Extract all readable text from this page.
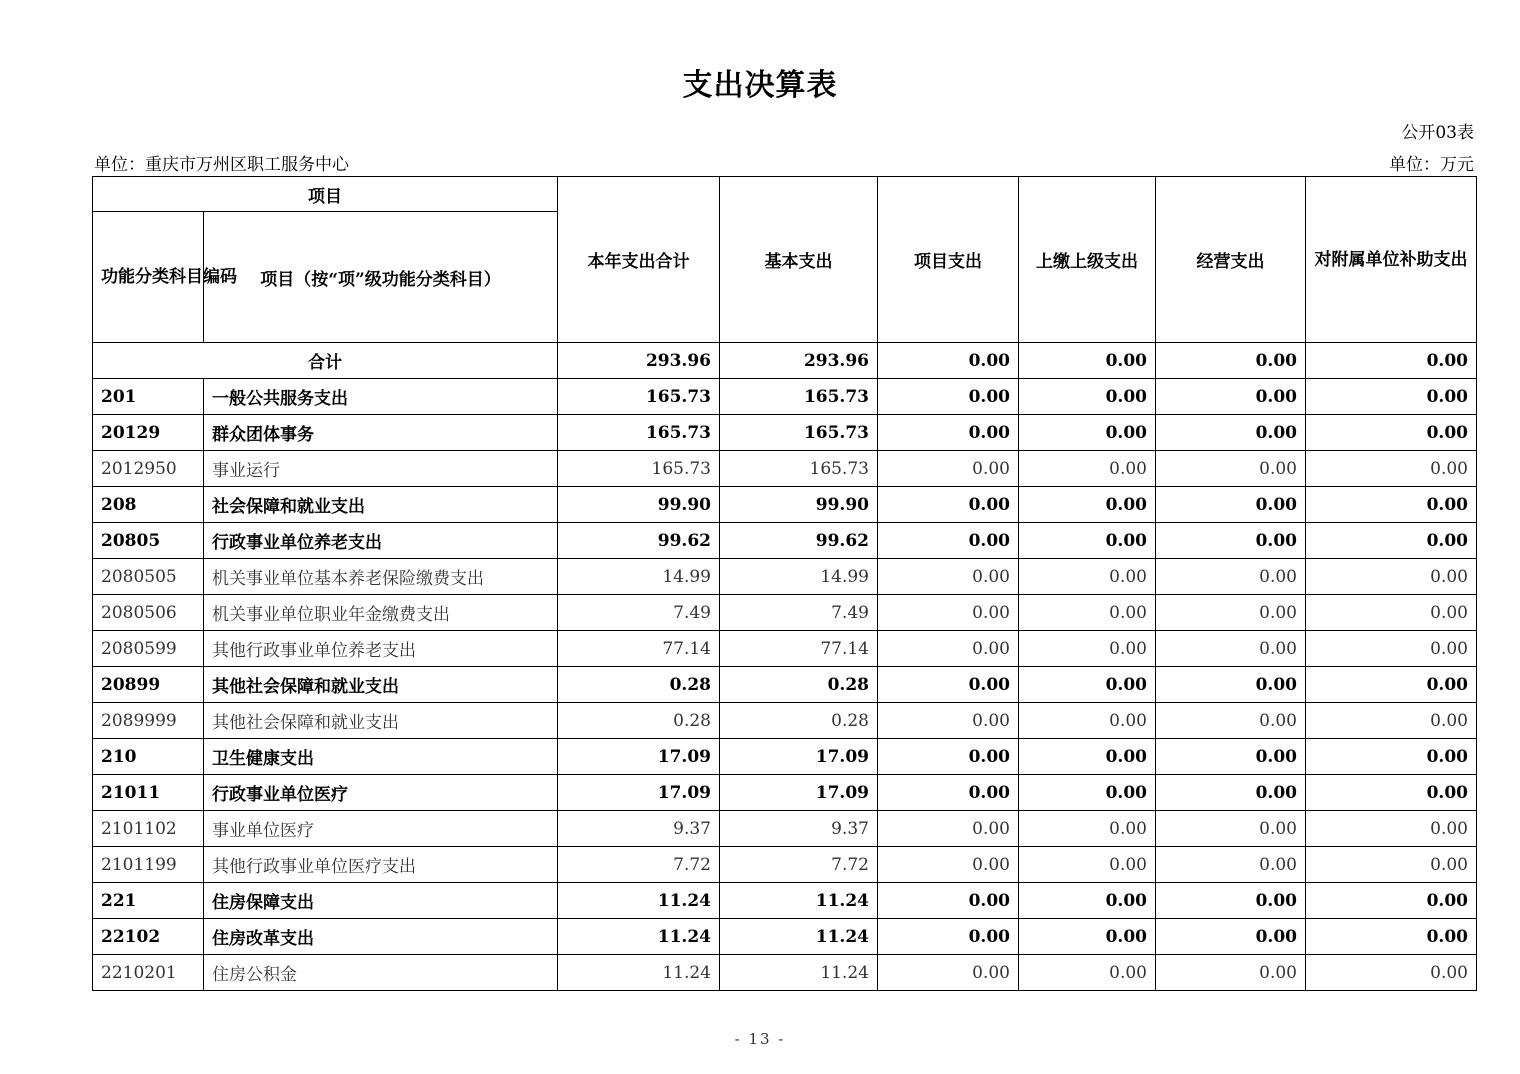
支出决算表
公开03表
单位：重庆市万州区职工服务中心	单位：万元
项目		本年支出合计	基本支出	项目支出	上缴上级支出	经营支出	对附属单位补助支出
功能分类科目编码	项目（按“项”级功能分类科目）						
合计		293.96	293.96	0.00	0.00	0.00	0.00
201	一般公共服务支出	165.73	165.73	0.00	0.00	0.00	0.00
20129	群众团体事务	165.73	165.73	0.00	0.00	0.00	0.00
2012950	事业运行	165.73	165.73	0.00	0.00	0.00	0.00
208	社会保障和就业支出	99.90	99.90	0.00	0.00	0.00	0.00
20805	行政事业单位养老支出	99.62	99.62	0.00	0.00	0.00	0.00
2080505	机关事业单位基本养老保险缴费支出	14.99	14.99	0.00	0.00	0.00	0.00
2080506	机关事业单位职业年金缴费支出	7.49	7.49	0.00	0.00	0.00	0.00
2080599	其他行政事业单位养老支出	77.14	77.14	0.00	0.00	0.00	0.00
20899	其他社会保障和就业支出	0.28	0.28	0.00	0.00	0.00	0.00
2089999	其他社会保障和就业支出	0.28	0.28	0.00	0.00	0.00	0.00
210	卫生健康支出	17.09	17.09	0.00	0.00	0.00	0.00
21011	行政事业单位医疗	17.09	17.09	0.00	0.00	0.00	0.00
2101102	事业单位医疗	9.37	9.37	0.00	0.00	0.00	0.00
2101199	其他行政事业单位医疗支出	7.72	7.72	0.00	0.00	0.00	0.00
221	住房保障支出	11.24	11.24	0.00	0.00	0.00	0.00
22102	住房改革支出	11.24	11.24	0.00	0.00	0.00	0.00
2210201	住房公积金	11.24	11.24	0.00	0.00	0.00	0.00
- 13 -
